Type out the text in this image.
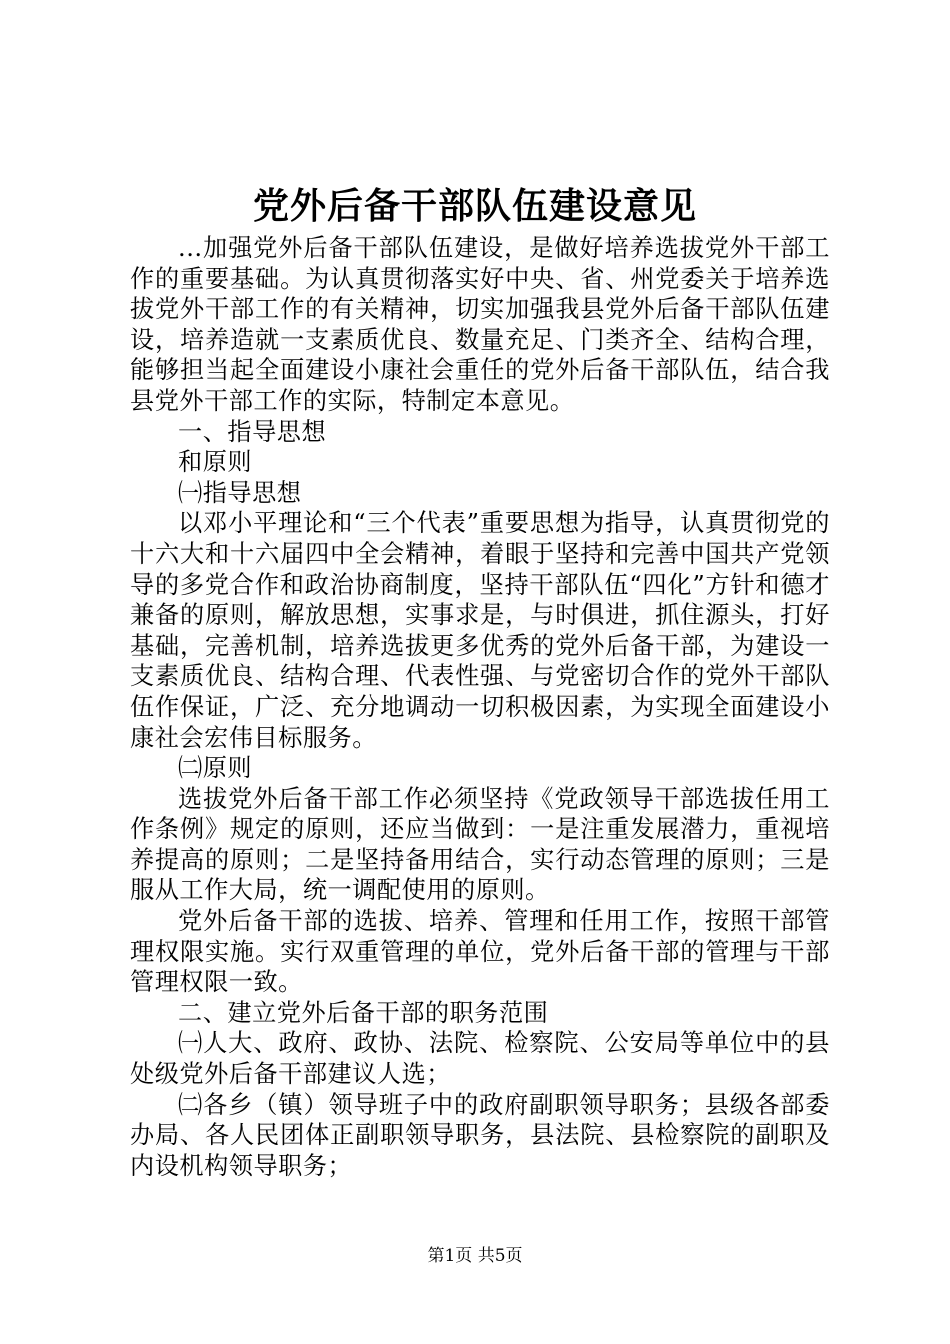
党外后备干部队伍建设意见

...加强党外后备干部队伍建设，是做好培养选拔党外干部工作的重要基础。为认真贯彻落实好中央、省、州党委关于培养选拔党外干部工作的有关精神，切实加强我县党外后备干部队伍建设，培养造就一支素质优良、数量充足、门类齐全、结构合理，能够担当起全面建设小康社会重任的党外后备干部队伍，结合我县党外干部工作的实际，特制定本意见。

一、指导思想

和原则

㈠指导思想

以邓小平理论和“三个代表”重要思想为指导，认真贯彻党的十六大和十六届四中全会精神，着眼于坚持和完善中国共产党领导的多党合作和政治协商制度，坚持干部队伍“四化”方针和德才兼备的原则，解放思想，实事求是，与时俱进，抓住源头，打好基础，完善机制，培养选拔更多优秀的党外后备干部，为建设一支素质优良、结构合理、代表性强、与党密切合作的党外干部队伍作保证，广泛、充分地调动一切积极因素，为实现全面建设小康社会宏伟目标服务。

㈡原则

选拔党外后备干部工作必须坚持《党政领导干部选拔任用工作条例》规定的原则，还应当做到：一是注重发展潜力，重视培养提高的原则；二是坚持备用结合，实行动态管理的原则；三是服从工作大局，统一调配使用的原则。

党外后备干部的选拔、培养、管理和任用工作，按照干部管理权限实施。实行双重管理的单位，党外后备干部的管理与干部管理权限一致。

二、建立党外后备干部的职务范围

㈠人大、政府、政协、法院、检察院、公安局等单位中的县处级党外后备干部建议人选；

㈡各乡（镇）领导班子中的政府副职领导职务；县级各部委办局、各人民团体正副职领导职务，县法院、县检察院的副职及内设机构领导职务；

第1页 共5页
